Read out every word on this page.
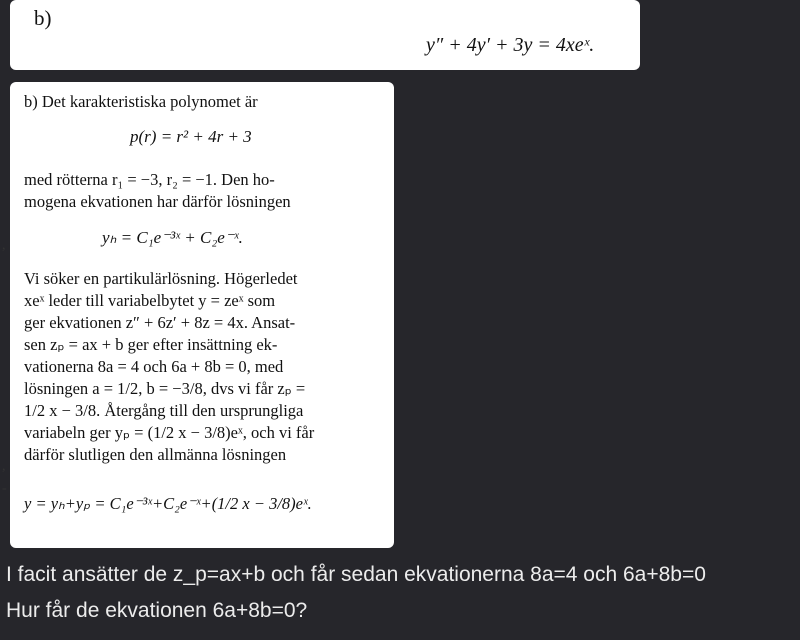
b)
y″ + 4y′ + 3y = 4xeˣ.
b) Det karakteristiska polynomet är
p(r) = r² + 4r + 3
med rötterna r₁ = −3, r₂ = −1. Den ho-
mogena ekvationen har därför lösningen
yₕ = C₁e⁻³ˣ + C₂e⁻ˣ.
Vi söker en partikulärlösning. Högerledet
xeˣ leder till variabelbytet y = zeˣ som
ger ekvationen z″ + 6z′ + 8z = 4x. Ansat-
sen zₚ = ax + b ger efter insättning ek-
vationerna 8a = 4 och 6a + 8b = 0, med
lösningen a = 1/2, b = −3/8, dvs vi får zₚ =
1/2 x − 3/8. Återgång till den ursprungliga
variabeln ger yₚ = (1/2 x − 3/8)eˣ, och vi får
därför slutligen den allmänna lösningen
y = yₕ+yₚ = C₁e⁻³ˣ+C₂e⁻ˣ+(1/2 x − 3/8)eˣ.
,
,
-
I facit ansätter de z_p=ax+b och får sedan ekvationerna 8a=4 och 6a+8b=0
Hur får de ekvationen 6a+8b=0?
